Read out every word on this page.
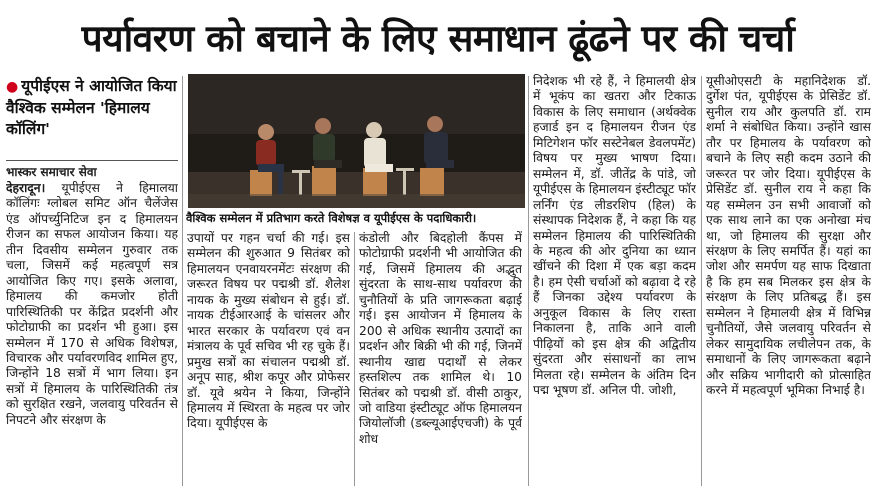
पर्यावरण को बचाने के लिए समाधान ढूंढने पर की चर्चा
● यूपीईएस ने आयोजित किया वैश्विक सम्मेलन 'हिमालय कॉलिंग'
भास्कर समाचार सेवा

देहरादून। यूपीईएस ने हिमालया कॉलिंगः ग्लोबल समिट ऑन चैलेंजेस एंड ऑपर्च्युनिटिज इन द हिमालयन रीजन का सफल आयोजन किया। यह तीन दिवसीय सम्मेलन गुरुवार तक चला, जिसमें कई महत्वपूर्ण सत्र आयोजित किए गए। इसके अलावा, हिमालय की कमजोर होती पारिस्थितिकी पर केंद्रित प्रदर्शनी और फोटोग्राफी का प्रदर्शन भी हुआ। इस सम्मेलन में 170 से अधिक विशेषज्ञ, विचारक और पर्यावरणविद शामिल हुए, जिन्होंने 18 सत्रों में भाग लिया। इन सत्रों में हिमालय के पारिस्थितिकी तंत्र को सुरक्षित रखने, जलवायु परिवर्तन से निपटने और संरक्षण के

वैश्विक सम्मेलन में प्रतिभाग करते विशेषज्ञ व यूपीईएस के पदाधिकारी।

उपायों पर गहन चर्चा की गई। इस सम्मेलन की शुरुआत 9 सितंबर को हिमालयन एनवायरनमेंटः संरक्षण की जरूरत विषय पर पद्मश्री डॉ. शैलेश नायक के मुख्य संबोधन से हुई। डॉ. नायक टीईआरआई के चांसलर और भारत सरकार के पर्यावरण एवं वन मंत्रालय के पूर्व सचिव भी रह चुके हैं। प्रमुख सत्रों का संचालन पद्मश्री डॉ. अनूप साह, श्रीश कपूर और प्रोफेसर डॉ. यूवे श्रयेन ने किया, जिन्होंने हिमालय में स्थिरता के महत्व पर जोर दिया। यूपीईएस के

कंडोली और बिदहोली कैंपस में फोटोग्राफी प्रदर्शनी भी आयोजित की गई, जिसमें हिमालय की अद्भुत सुंदरता के साथ-साथ पर्यावरण की चुनौतियों के प्रति जागरूकता बढ़ाई गई। इस आयोजन में हिमालय के 200 से अधिक स्थानीय उत्पादों का प्रदर्शन और बिक्री भी की गई, जिनमें स्थानीय खाद्य पदार्थों से लेकर हस्तशिल्प तक शामिल थे। 10 सितंबर को पद्मश्री डॉ. वीसी ठाकुर, जो वाडिया इंस्टीट्यूट ऑफ हिमालयन जियोलॉजी (डब्ल्यूआईएचजी) के पूर्व शोध

निदेशक भी रहे हैं, ने हिमालयी क्षेत्र में भूकंप का खतरा और टिकाऊ विकास के लिए समाधान (अर्थक्वेक हजार्ड इन द हिमालयन रीजन एंड मिटिगेशन फॉर सस्टेनेबल डेवलपमेंट) विषय पर मुख्य भाषण दिया। सम्मेलन में, डॉ. जीतेंद्र के पांडे, जो यूपीईएस के हिमालयन इंस्टीट्यूट फॉर लर्निंग एंड लीडरशिप (हिल) के संस्थापक निदेशक हैं, ने कहा कि यह सम्मेलन हिमालय की पारिस्थितिकी के महत्व की ओर दुनिया का ध्यान खींचने की दिशा में एक बड़ा कदम है। हम ऐसी चर्चाओं को बढ़ावा दे रहे हैं जिनका उद्देश्य पर्यावरण के अनुकूल विकास के लिए रास्ता निकालना है, ताकि आने वाली पीढ़ियों को इस क्षेत्र की अद्वितीय सुंदरता और संसाधनों का लाभ मिलता रहे। सम्मेलन के अंतिम दिन पद्म भूषण डॉ. अनिल पी. जोशी,

यूसीओएसटी के महानिदेशक डॉ. दुर्गेश पंत, यूपीईएस के प्रेसिडेंट डॉ. सुनील राय और कुलपति डॉ. राम शर्मा ने संबोधित किया। उन्होंने खास तौर पर हिमालय के पर्यावरण को बचाने के लिए सही कदम उठाने की जरूरत पर जोर दिया। यूपीईएस के प्रेसिडेंट डॉ. सुनील राय ने कहा कि यह सम्मेलन उन सभी आवाजों को एक साथ लाने का एक अनोखा मंच था, जो हिमालय की सुरक्षा और संरक्षण के लिए समर्पित हैं। यहां का जोश और समर्पण यह साफ दिखाता है कि हम सब मिलकर इस क्षेत्र के संरक्षण के लिए प्रतिबद्ध हैं। इस सम्मेलन ने हिमालयी क्षेत्र में विभिन्न चुनौतियों, जैसे जलवायु परिवर्तन से लेकर सामुदायिक लचीलेपन तक, के समाधानों के लिए जागरूकता बढ़ाने और सक्रिय भागीदारी को प्रोत्साहित करने में महत्वपूर्ण भूमिका निभाई है।
